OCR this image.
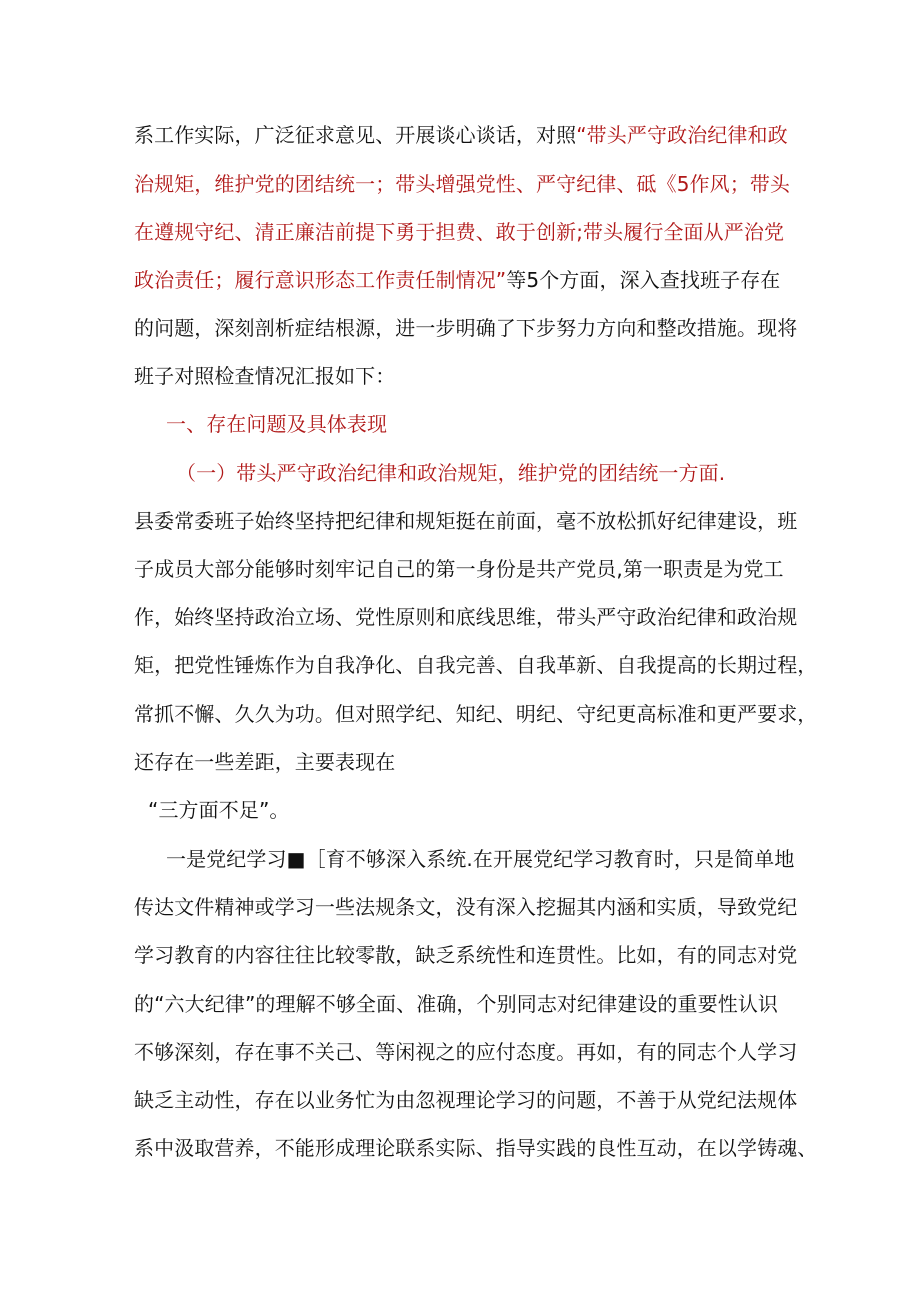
系工作实际，广泛征求意见、开展谈心谈话，对照“带头严守政治纪律和政
治规矩，维护党的团结统一；带头增强党性、严守纪律、砥《5作风；带头
在遵规守纪、清正廉洁前提下勇于担费、敢于创新;带头履行全面从严治党
政治责任；履行意识形态工作责任制情况”等5个方面，深入查找班子存在
的问题，深刻剖析症结根源，进一步明确了下步努力方向和整改措施。现将
班子对照检查情况汇报如下：
一、存在问题及具体表现
（一）带头严守政治纪律和政治规矩，维护党的团结统一方面.
县委常委班子始终坚持把纪律和规矩挺在前面，毫不放松抓好纪律建设，班
子成员大部分能够时刻牢记自己的第一身份是共产党员,第一职责是为党工
作，始终坚持政治立场、党性原则和底线思维，带头严守政治纪律和政治规
矩，把党性锤炼作为自我净化、自我完善、自我革新、自我提高的长期过程，
常抓不懈、久久为功。但对照学纪、知纪、明纪、守纪更高标准和更严要求，
还存在一些差距，主要表现在
“三方面不足”。
一是党纪学习■［育不够深入系统.在开展党纪学习教育时，只是简单地
传达文件精神或学习一些法规条文，没有深入挖掘其内涵和实质，导致党纪
学习教育的内容往往比较零散，缺乏系统性和连贯性。比如，有的同志对党
的“六大纪律”的理解不够全面、准确，个别同志对纪律建设的重要性认识
不够深刻，存在事不关己、等闲视之的应付态度。再如，有的同志个人学习
缺乏主动性，存在以业务忙为由忽视理论学习的问题，不善于从党纪法规体
系中汲取营养，不能形成理论联系实际、指导实践的良性互动，在以学铸魂、
